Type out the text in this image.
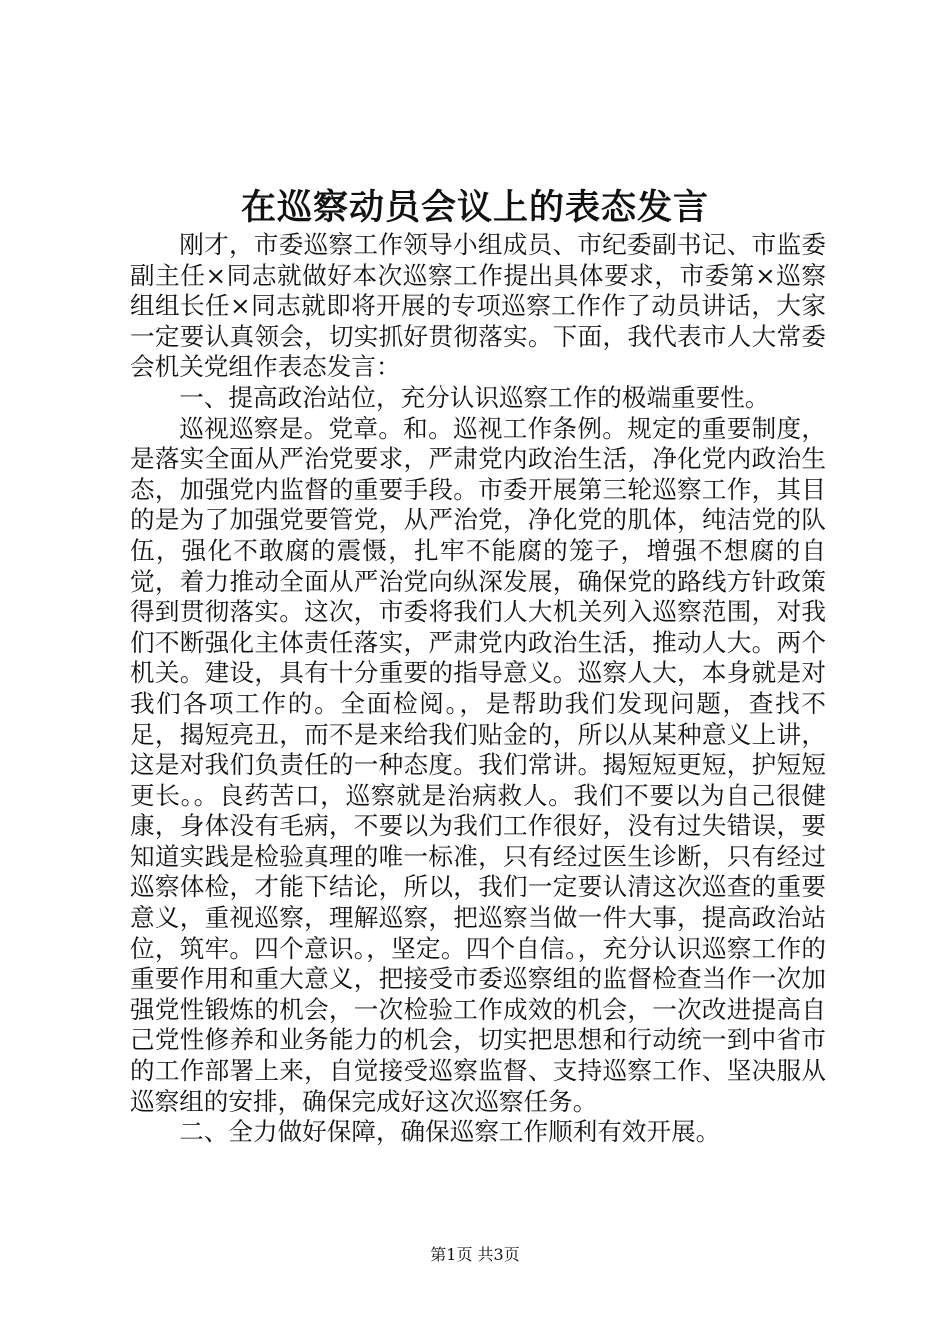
在巡察动员会议上的表态发言

刚才，市委巡察工作领导小组成员、市纪委副书记、市监委副主任×同志就做好本次巡察工作提出具体要求，市委第×巡察组组长任×同志就即将开展的专项巡察工作作了动员讲话，大家一定要认真领会，切实抓好贯彻落实。下面，我代表市人大常委会机关党组作表态发言：

一、提高政治站位，充分认识巡察工作的极端重要性。

巡视巡察是。党章。和。巡视工作条例。规定的重要制度，是落实全面从严治党要求，严肃党内政治生活，净化党内政治生态，加强党内监督的重要手段。市委开展第三轮巡察工作，其目的是为了加强党要管党，从严治党，净化党的肌体，纯洁党的队伍，强化不敢腐的震慑，扎牢不能腐的笼子，增强不想腐的自觉，着力推动全面从严治党向纵深发展，确保党的路线方针政策得到贯彻落实。这次，市委将我们人大机关列入巡察范围，对我们不断强化主体责任落实，严肃党内政治生活，推动人大。两个机关。建设，具有十分重要的指导意义。巡察人大，本身就是对我们各项工作的。全面检阅。，是帮助我们发现问题，查找不足，揭短亮丑，而不是来给我们贴金的，所以从某种意义上讲，这是对我们负责任的一种态度。我们常讲。揭短短更短，护短短更长。。良药苦口，巡察就是治病救人。我们不要以为自己很健康，身体没有毛病，不要以为我们工作很好，没有过失错误，要知道实践是检验真理的唯一标准，只有经过医生诊断，只有经过巡察体检，才能下结论，所以，我们一定要认清这次巡查的重要意义，重视巡察，理解巡察，把巡察当做一件大事，提高政治站位，筑牢。四个意识。，坚定。四个自信。，充分认识巡察工作的重要作用和重大意义，把接受市委巡察组的监督检查当作一次加强党性锻炼的机会，一次检验工作成效的机会，一次改进提高自己党性修养和业务能力的机会，切实把思想和行动统一到中省市的工作部署上来，自觉接受巡察监督、支持巡察工作、坚决服从巡察组的安排，确保完成好这次巡察任务。

二、全力做好保障，确保巡察工作顺利有效开展。

第1页 共3页
